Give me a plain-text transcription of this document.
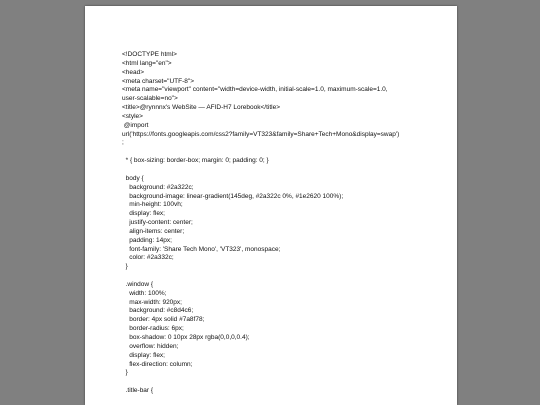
<!DOCTYPE html>
<html lang="en">
<head>
<meta charset="UTF-8">
<meta name="viewport" content="width=device-width, initial-scale=1.0, maximum-scale=1.0,
user-scalable=no">
<title>@rynnnx's WebSite — AFID-H7 Lorebook</title>
<style>
@import
url('https://fonts.googleapis.com/css2?family=VT323&family=Share+Tech+Mono&display=swap')
;
* { box-sizing: border-box; margin: 0; padding: 0; }
body {
background: #2a322c;
background-image: linear-gradient(145deg, #2a322c 0%, #1e2620 100%);
min-height: 100vh;
display: flex;
justify-content: center;
align-items: center;
padding: 14px;
font-family: 'Share Tech Mono', 'VT323', monospace;
color: #2a332c;
}
.window {
width: 100%;
max-width: 920px;
background: #c8d4c6;
border: 4px solid #7a8f78;
border-radius: 6px;
box-shadow: 0 10px 28px rgba(0,0,0,0.4);
overflow: hidden;
display: flex;
flex-direction: column;
}
.title-bar {
